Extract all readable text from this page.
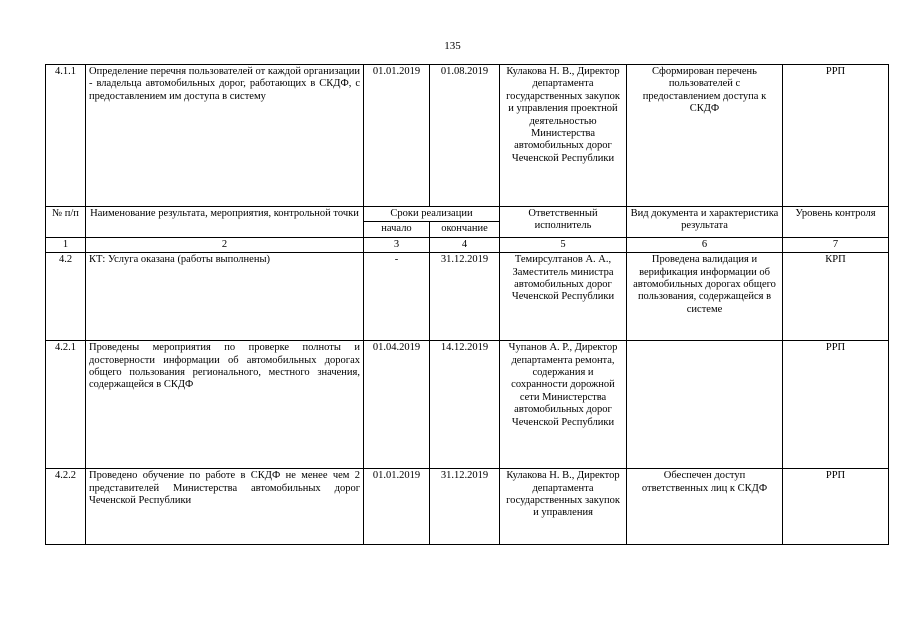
135
4.1.1	Определение перечня пользователей от каждой организации - владельца автомобильных дорог, работающих в СКДФ, с предоставлением им доступа в систему	01.01.2019	01.08.2019	Кулакова Н. В., Директор департамента государственных закупок и управления проектной деятельностью Министерства автомобильных дорог Чеченской Республики	Сформирован перечень пользователей с предоставлением доступа к СКДФ	РРП
№ п/п	Наименование результата, мероприятия, контрольной точки	Сроки реализации		Ответственный исполнитель	Вид документа и характеристика результата	Уровень контроля
		начало	окончание			
1	2	3	4	5	6	7
4.2	КТ: Услуга оказана (работы выполнены)	-	31.12.2019	Темирсултанов А. А., Заместитель министра автомобильных дорог Чеченской Республики	Проведена валидация и верификация информации об автомобильных дорогах общего пользования, содержащейся в системе	КРП
4.2.1	Проведены мероприятия по проверке полноты и достоверности информации об автомобильных дорогах общего пользования регионального, местного значения, содержащейся в СКДФ	01.04.2019	14.12.2019	Чупанов А. Р., Директор департамента ремонта, содержания и сохранности дорожной сети Министерства автомобильных дорог Чеченской Республики		РРП
4.2.2	Проведено обучение по работе в СКДФ не менее чем 2 представителей Министерства автомобильных дорог Чеченской Республики	01.01.2019	31.12.2019	Кулакова Н. В., Директор департамента государственных закупок и управления	Обеспечен доступ ответственных лиц к СКДФ	РРП
